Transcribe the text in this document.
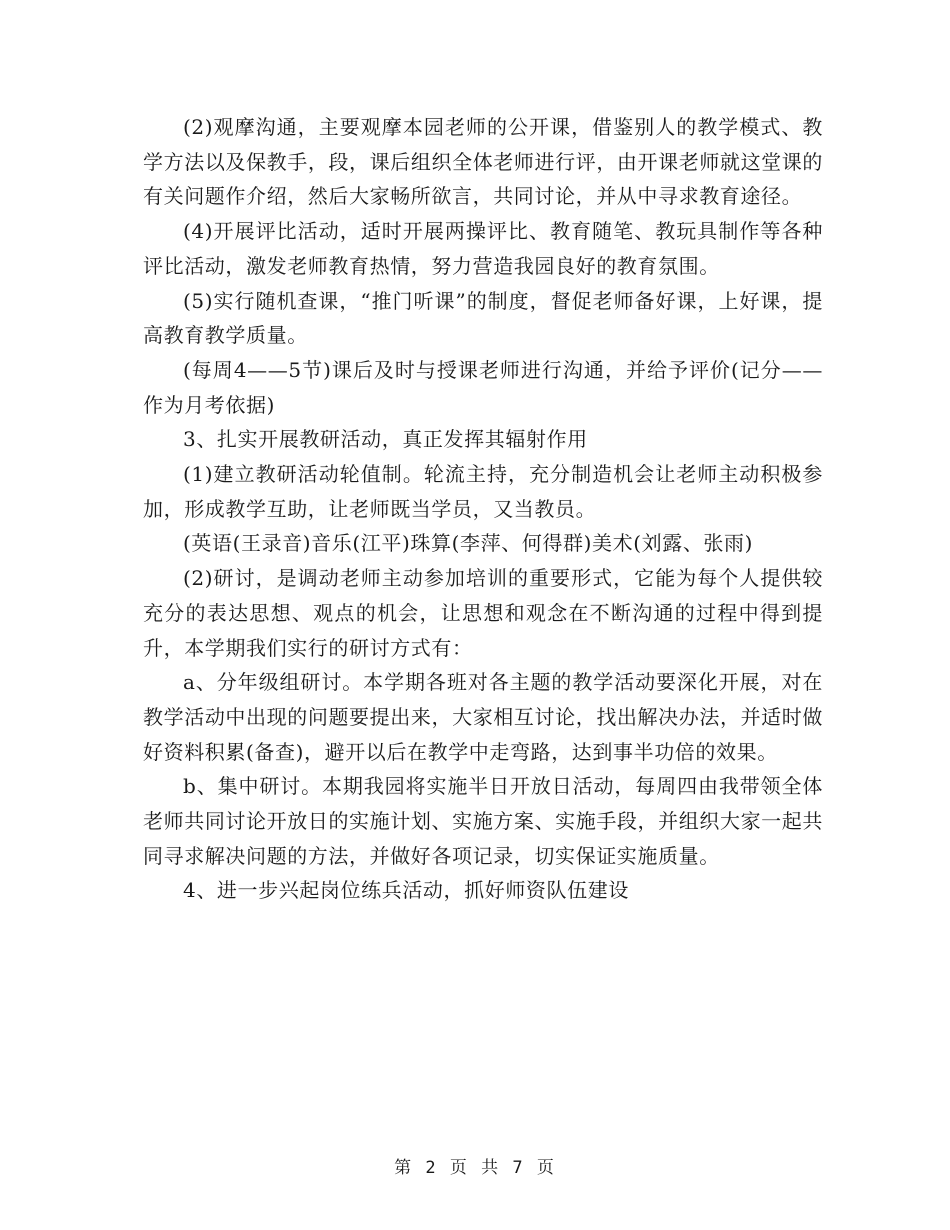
(2)观摩沟通，主要观摩本园老师的公开课，借鉴别人的教学模式、教学方法以及保教手，段，课后组织全体老师进行评，由开课老师就这堂课的有关问题作介绍，然后大家畅所欲言，共同讨论，并从中寻求教育途径。

(4)开展评比活动，适时开展两操评比、教育随笔、教玩具制作等各种评比活动，激发老师教育热情，努力营造我园良好的教育氛围。

(5)实行随机查课，“推门听课”的制度，督促老师备好课，上好课，提高教育教学质量。

(每周4——5节)课后及时与授课老师进行沟通，并给予评价(记分——作为月考依据)

3、扎实开展教研活动，真正发挥其辐射作用

(1)建立教研活动轮值制。轮流主持，充分制造机会让老师主动积极参加，形成教学互助，让老师既当学员，又当教员。

(英语(王录音)音乐(江平)珠算(李萍、何得群)美术(刘露、张雨)

(2)研讨，是调动老师主动参加培训的重要形式，它能为每个人提供较充分的表达思想、观点的机会，让思想和观念在不断沟通的过程中得到提升，本学期我们实行的研讨方式有：

a、分年级组研讨。本学期各班对各主题的教学活动要深化开展，对在教学活动中出现的问题要提出来，大家相互讨论，找出解决办法，并适时做好资料积累(备查)，避开以后在教学中走弯路，达到事半功倍的效果。

b、集中研讨。本期我园将实施半日开放日活动，每周四由我带领全体老师共同讨论开放日的实施计划、实施方案、实施手段，并组织大家一起共同寻求解决问题的方法，并做好各项记录，切实保证实施质量。

4、进一步兴起岗位练兵活动，抓好师资队伍建设

第 2 页 共 7 页
